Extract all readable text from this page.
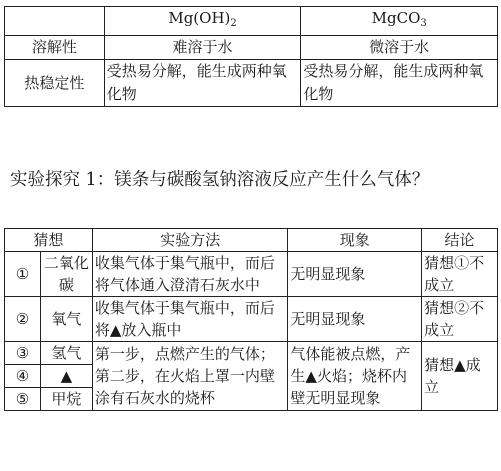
	$Mg(OH)_2$	MgCO$_3$
溶解性	难溶于水	微溶于水
热稳定性	受热易分解，能生成两种氧化物	受热易分解，能生成两种氧化物

实验探究 1：镁条与碳酸氢钠溶液反应产生什么气体？

猜想		实验方法	现象	结论
①	二氧化碳	收集气体于集气瓶中，而后将气体通入澄清石灰水中	无明显现象	猜想①不成立
②	氧气	收集气体于集气瓶中，而后将▲放入瓶中	无明显现象	猜想②不成立
③	氢气	第一步，点燃产生的气体；第二步，在火焰上罩一内壁涂有石灰水的烧杯	气体能被点燃，产生▲火焰；烧杯内壁无明显现象	猜想▲成立
④	▲			
⑤	甲烷			
